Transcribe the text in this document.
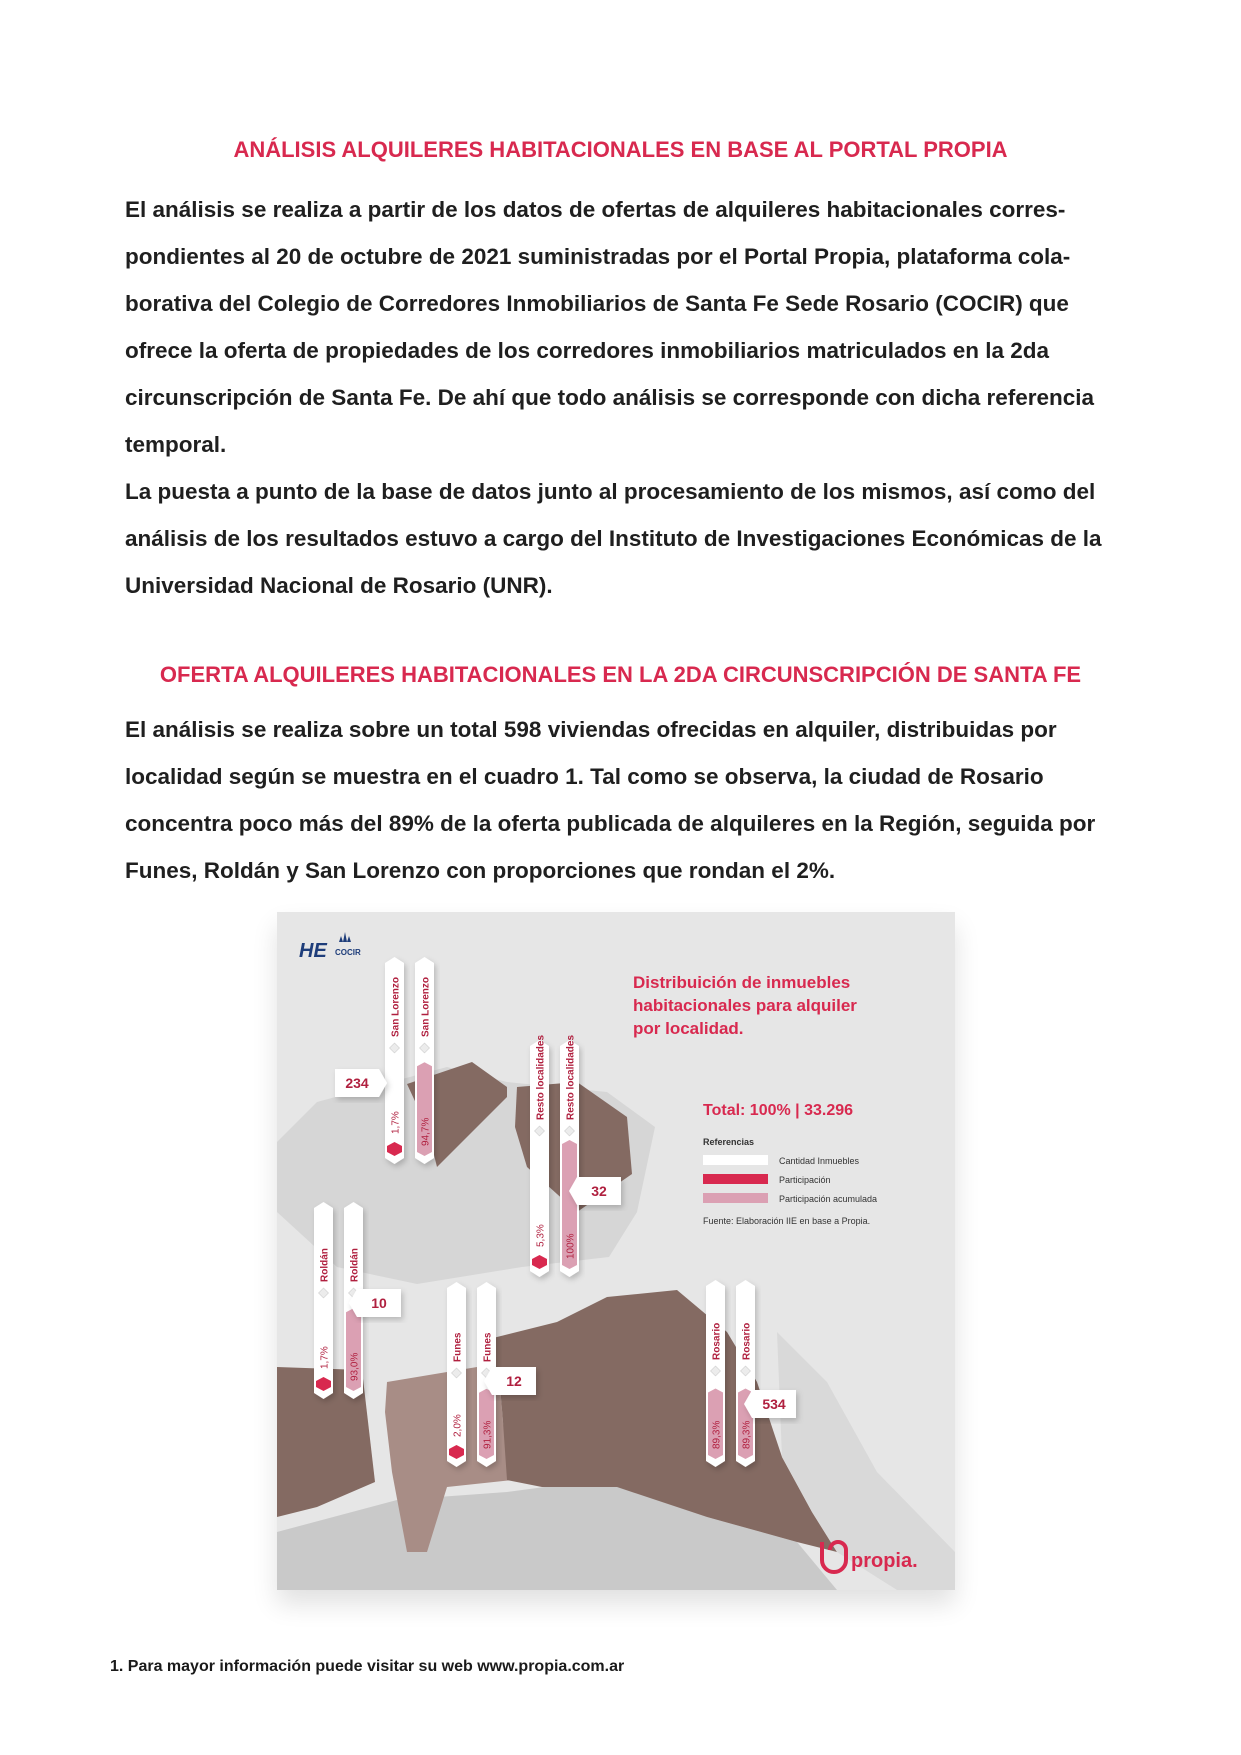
ANÁLISIS ALQUILERES HABITACIONALES EN BASE AL PORTAL PROPIA

El análisis se realiza a partir de los datos de ofertas de alquileres habitacionales corres-
pondientes al 20 de octubre de 2021 suministradas por el Portal Propia, plataforma cola-
borativa del Colegio de Corredores Inmobiliarios de Santa Fe Sede Rosario (COCIR) que
ofrece la oferta de propiedades de los corredores inmobiliarios matriculados en la 2da
circunscripción de Santa Fe. De ahí que todo análisis se corresponde con dicha referencia
temporal.
La puesta a punto de la base de datos junto al procesamiento de los mismos, así como del
análisis de los resultados estuvo a cargo del Instituto de Investigaciones Económicas de la
Universidad Nacional de Rosario (UNR).

OFERTA ALQUILERES HABITACIONALES EN LA 2DA CIRCUNSCRIPCIÓN DE SANTA FE

El análisis se realiza sobre un total 598 viviendas ofrecidas en alquiler, distribuidas por
localidad según se muestra en el cuadro 1. Tal como se observa, la ciudad de Rosario
concentra poco más del 89% de la oferta publicada de alquileres en la Región, seguida por
Funes, Roldán y San Lorenzo con proporciones que rondan el 2%.

HE COCIR
Distribuición de inmuebles
habitacionales para alquiler
por localidad.
Total: 100% | 33.296
Referencias
Cantidad Inmuebles
Participación
Participación acumulada
Fuente: Elaboración IIE en base a Propia.
San Lorenzo San Lorenzo
1,7% 94,7%
234	Resto localidades Resto localidades
5,3% 100%
32
Roldán Roldán
1,7% 93,0%
10
Funes Funes
2,0% 91,3%
12
Rosario Rosario
89,3% 89,3%
534
propia.
1. Para mayor información puede visitar su web www.propia.com.ar
